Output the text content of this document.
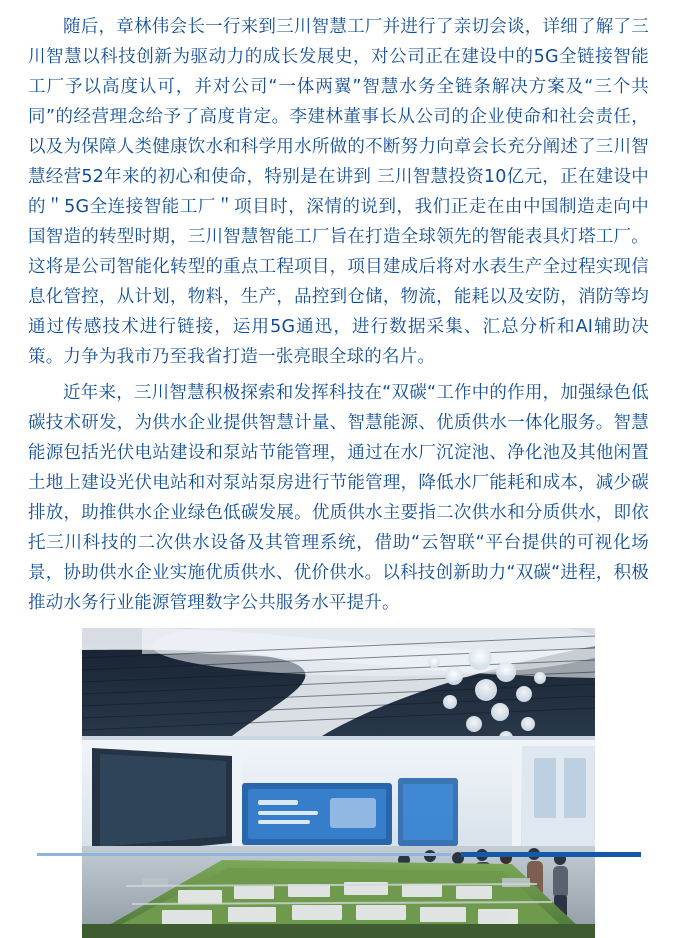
随后，章林伟会长一行来到三川智慧工厂并进行了亲切会谈，详细了解了三川智慧以科技创新为驱动力的成长发展史，对公司正在建设中的5G全链接智能工厂予以高度认可，并对公司“一体两翼”智慧水务全链条解决方案及“三个共同”的经营理念给予了高度肯定。李建林董事长从公司的企业使命和社会责任，以及为保障人类健康饮水和科学用水所做的不断努力向章会长充分阐述了三川智慧经营52年来的初心和使命，特别是在讲到 三川智慧投资10亿元，正在建设中的＂5G全连接智能工厂＂项目时，深情的说到，我们正走在由中国制造走向中国智造的转型时期，三川智慧智能工厂旨在打造全球领先的智能表具灯塔工厂。这将是公司智能化转型的重点工程项目，项目建成后将对水表生产全过程实现信息化管控，从计划，物料，生产，品控到仓储，物流，能耗以及安防，消防等均通过传感技术进行链接，运用5G通迅，进行数据采集、汇总分析和AI辅助决策。力争为我市乃至我省打造一张亮眼全球的名片。

近年来，三川智慧积极探索和发挥科技在“双碳“工作中的作用，加强绿色低碳技术研发，为供水企业提供智慧计量、智慧能源、优质供水一体化服务。智慧能源包括光伏电站建设和泵站节能管理，通过在水厂沉淀池、净化池及其他闲置土地上建设光伏电站和对泵站泵房进行节能管理，降低水厂能耗和成本，减少碳排放，助推供水企业绿色低碳发展。优质供水主要指二次供水和分质供水，即依托三川科技的二次供水设备及其管理系统，借助“云智联“平台提供的可视化场景，协助供水企业实施优质供水、优价供水。以科技创新助力“双碳“进程，积极推动水务行业能源管理数字公共服务水平提升。
